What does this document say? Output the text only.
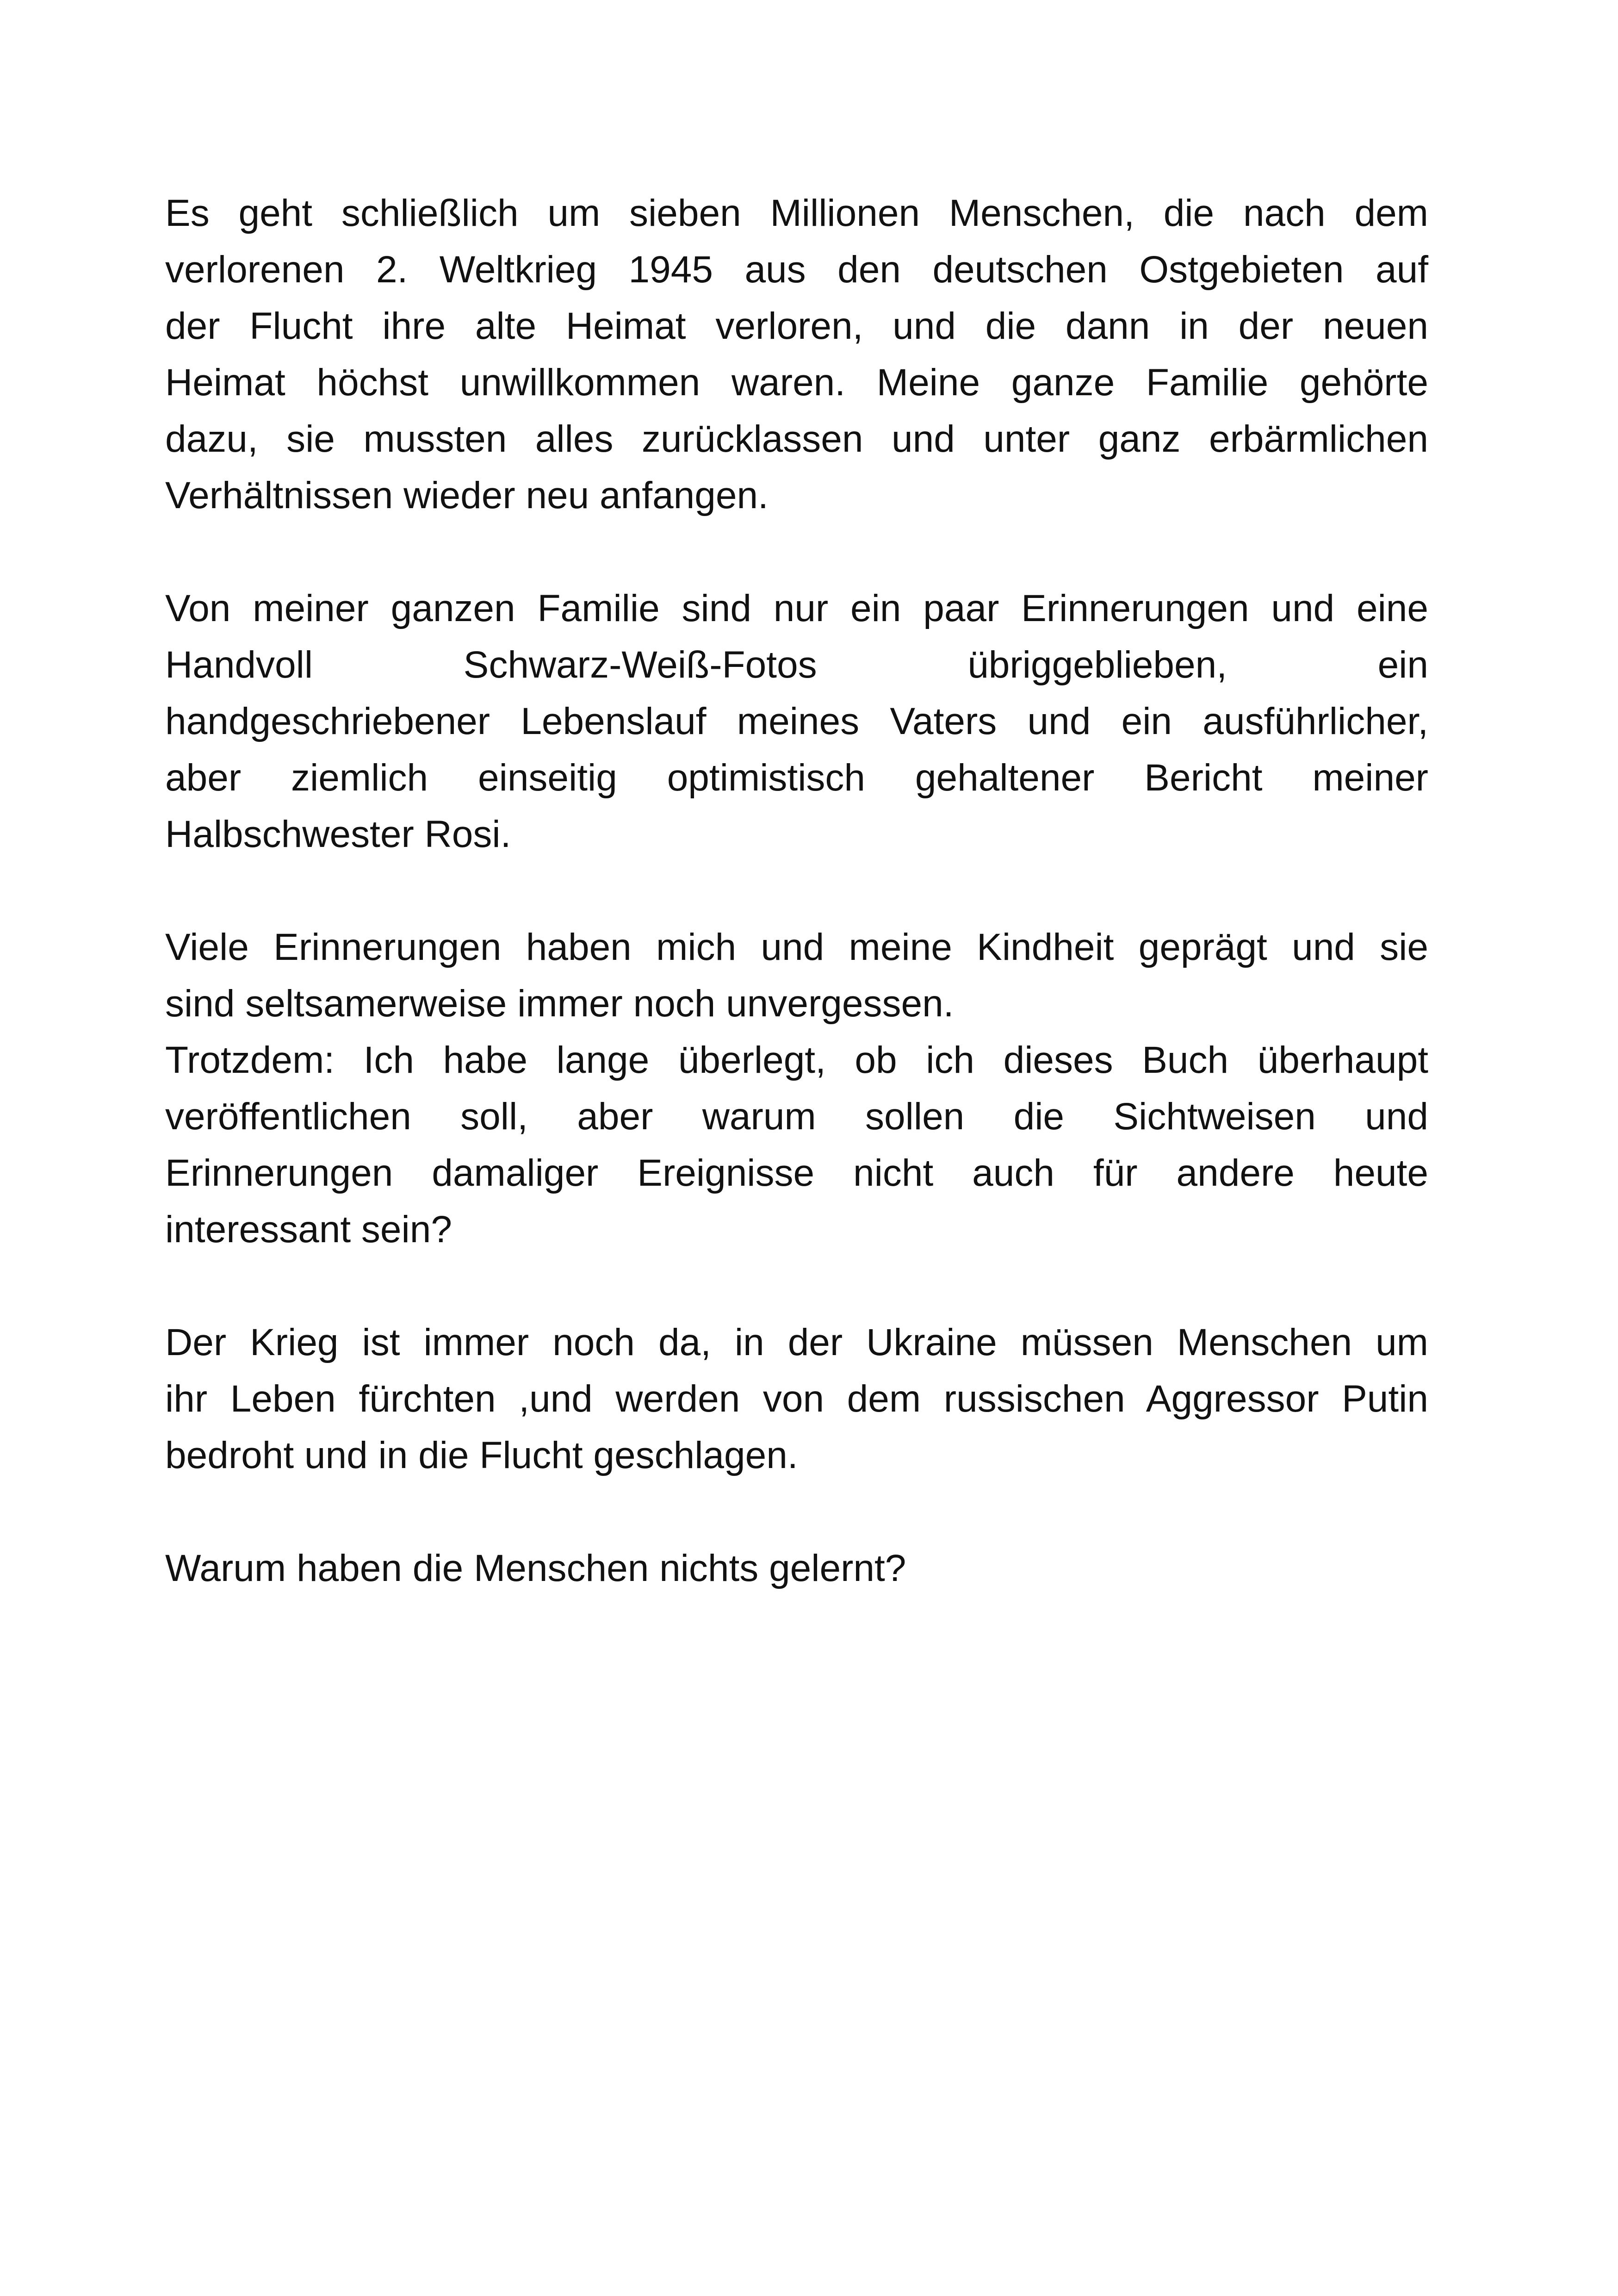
Es geht schließlich um sieben Millionen Menschen, die nach dem
verlorenen 2. Weltkrieg 1945 aus den deutschen Ostgebieten auf
der Flucht ihre alte Heimat verloren, und die dann in der neuen
Heimat höchst unwillkommen waren. Meine ganze Familie gehörte
dazu, sie mussten alles zurücklassen und unter ganz erbärmlichen
Verhältnissen wieder neu anfangen.

Von meiner ganzen Familie sind nur ein paar Erinnerungen und eine
Handvoll Schwarz-Weiß-Fotos übriggeblieben, ein
handgeschriebener Lebenslauf meines Vaters und ein ausführlicher,
aber ziemlich einseitig optimistisch gehaltener Bericht meiner
Halbschwester Rosi.

Viele Erinnerungen haben mich und meine Kindheit geprägt und sie
sind seltsamerweise immer noch unvergessen.

Trotzdem: Ich habe lange überlegt, ob ich dieses Buch überhaupt
veröffentlichen soll, aber warum sollen die Sichtweisen und
Erinnerungen damaliger Ereignisse nicht auch für andere heute
interessant sein?

Der Krieg ist immer noch da, in der Ukraine müssen Menschen um
ihr Leben fürchten ,und werden von dem russischen Aggressor Putin
bedroht und in die Flucht geschlagen.

Warum haben die Menschen nichts gelernt?
